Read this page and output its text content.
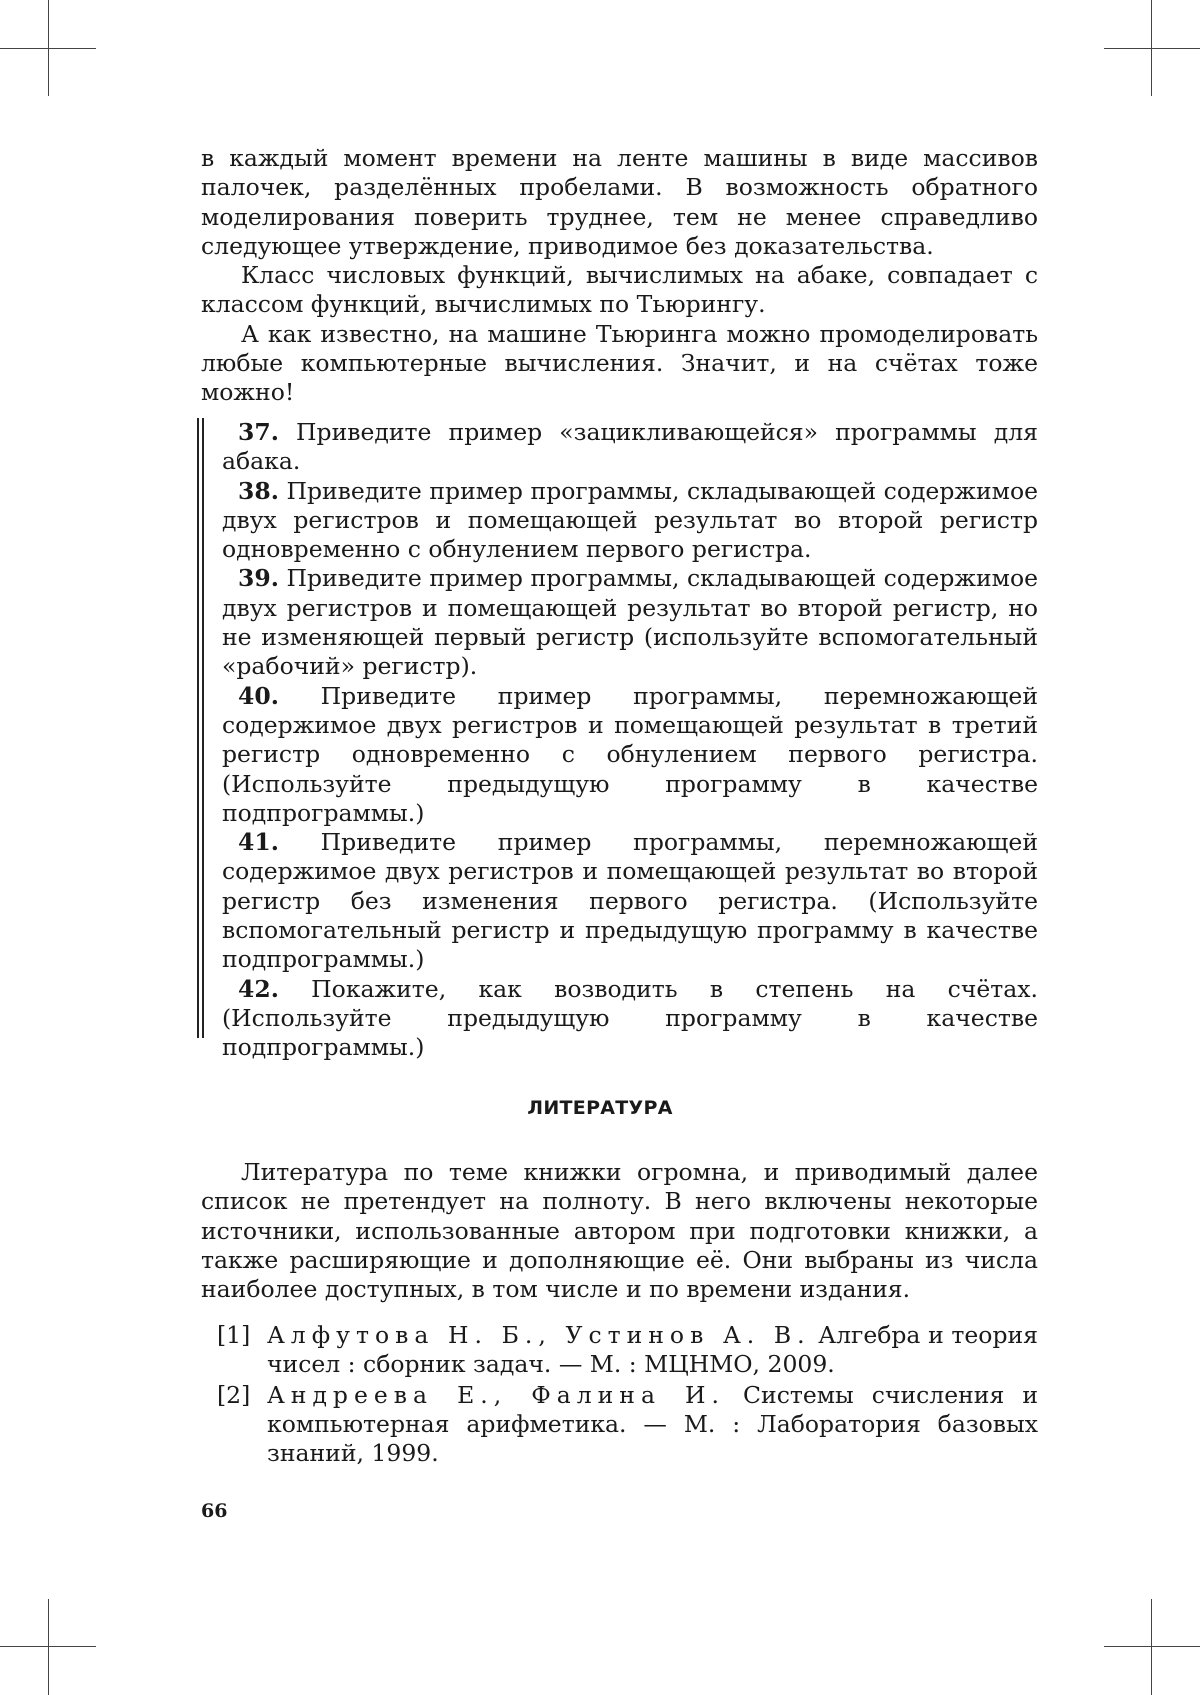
в каждый момент времени на ленте машины в виде массивов палочек, разделённых пробелами. В возможность обратного моделирования поверить труднее, тем не менее справедливо следующее утверждение, приводимое без доказательства.

Класс числовых функций, вычислимых на абаке, совпадает с классом функций, вычислимых по Тьюрингу.

А как известно, на машине Тьюринга можно промоделировать любые компьютерные вычисления. Значит, и на счётах тоже можно!

37. Приведите пример «зацикливающейся» программы для абака.

38. Приведите пример программы, складывающей содержимое двух регистров и помещающей результат во второй регистр одновременно с обнулением первого регистра.

39. Приведите пример программы, складывающей содержимое двух регистров и помещающей результат во второй регистр, но не изменяющей первый регистр (используйте вспомогательный «рабочий» регистр).

40. Приведите пример программы, перемножающей содержимое двух регистров и помещающей результат в третий регистр одновременно с обнулением первого регистра. (Используйте предыдущую программу в качестве подпрограммы.)

41. Приведите пример программы, перемножающей содержимое двух регистров и помещающей результат во второй регистр без изменения первого регистра. (Используйте вспомогательный регистр и предыдущую программу в качестве подпрограммы.)

42. Покажите, как возводить в степень на счётах. (Используйте предыдущую программу в качестве подпрограммы.)

ЛИТЕРАТУРА

Литература по теме книжки огромна, и приводимый далее список не претендует на полноту. В него включены некоторые источники, использованные автором при подготовки книжки, а также расширяющие и дополняющие её. Они выбраны из числа наиболее доступных, в том числе и по времени издания.

[1] Алфутова Н. Б., Устинов А. В. Алгебра и теория чисел : сборник задач. — М. : МЦНМО, 2009.

[2] Андреева Е., Фалина И. Системы счисления и компьютерная арифметика. — М. : Лаборатория базовых знаний, 1999.

66
